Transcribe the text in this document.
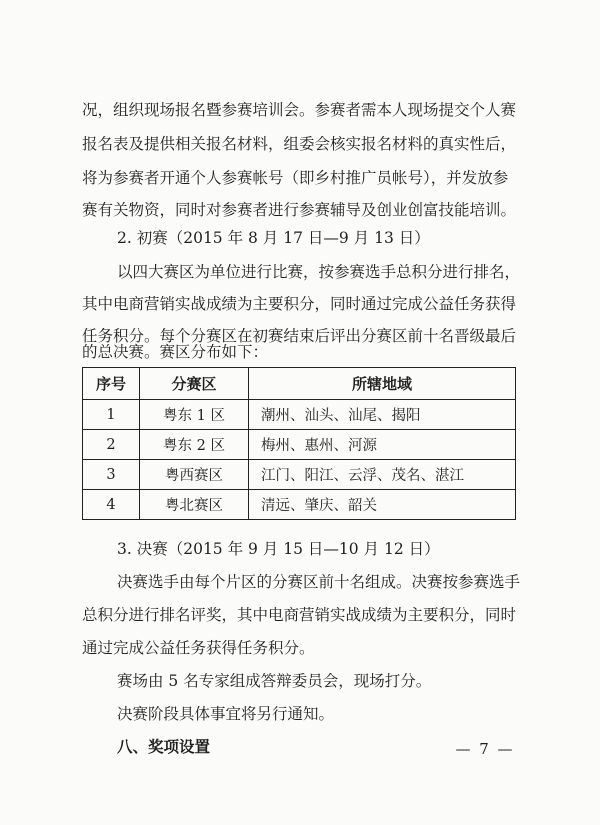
况，组织现场报名暨参赛培训会。参赛者需本人现场提交个人赛
报名表及提供相关报名材料，组委会核实报名材料的真实性后，
将为参赛者开通个人参赛帐号（即乡村推广员帐号），并发放参
赛有关物资，同时对参赛者进行参赛辅导及创业创富技能培训。
2. 初赛（2015 年 8 月 17 日—9 月 13 日）
以四大赛区为单位进行比赛，按参赛选手总积分进行排名，
其中电商营销实战成绩为主要积分，同时通过完成公益任务获得
任务积分。每个分赛区在初赛结束后评出分赛区前十名晋级最后
的总决赛。赛区分布如下：
序号	分赛区	所辖地域
1	粤东 1 区	潮州、汕头、汕尾、揭阳
2	粤东 2 区	梅州、惠州、河源
3	粤西赛区	江门、阳江、云浮、茂名、湛江
4	粤北赛区	清远、肇庆、韶关
3. 决赛（2015 年 9 月 15 日—10 月 12 日）
决赛选手由每个片区的分赛区前十名组成。决赛按参赛选手
总积分进行排名评奖，其中电商营销实战成绩为主要积分，同时
通过完成公益任务获得任务积分。
赛场由 5 名专家组成答辩委员会，现场打分。
决赛阶段具体事宜将另行通知。
八、奖项设置	— 7 —
